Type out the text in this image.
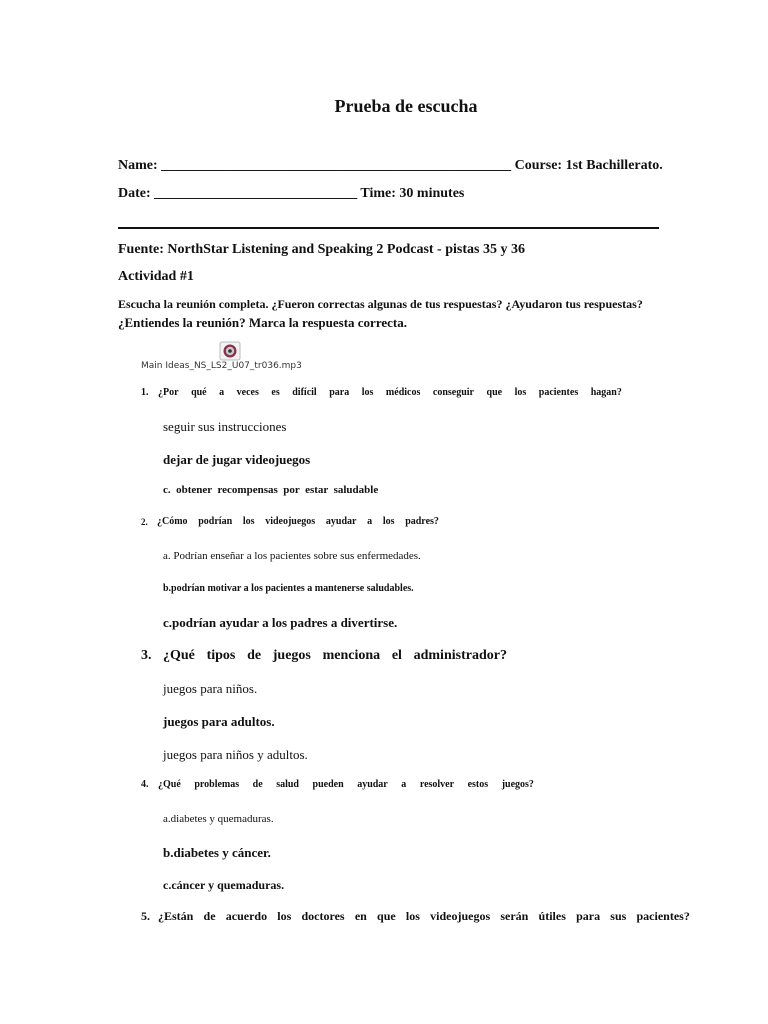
Prueba de escucha
Name: __________________________________________________ Course: 1st Bachillerato.
Date: _____________________________ Time: 30 minutes
Fuente: NorthStar Listening and Speaking 2 Podcast - pistas 35 y 36
Actividad #1
Escucha la reunión completa. ¿Fueron correctas algunas de tus respuestas? ¿Ayudaron tus respuestas?
¿Entiendes la reunión? Marca la respuesta correcta.
Main Ideas_NS_LS2_U07_tr036.mp3
1. ¿Por qué a veces es difícil para los médicos conseguir que los pacientes hagan?
seguir sus instrucciones
dejar de jugar videojuegos
c.  obtener  recompensas  por  estar  saludable
2. ¿Cómo podrían los videojuegos ayudar a los padres?
a. Podrían enseñar a los pacientes sobre sus enfermedades.
b.podrían motivar a los pacientes a mantenerse saludables.
c.podrían ayudar a los padres a divertirse.
3. ¿Qué tipos de juegos menciona el administrador?
juegos para niños.
juegos para adultos.
juegos para niños y adultos.
4. ¿Qué problemas de salud pueden ayudar a resolver estos juegos?
a.diabetes y quemaduras.
b.diabetes y cáncer.
c.cáncer y quemaduras.
5. ¿Están de acuerdo los doctores en que los videojuegos serán útiles para sus pacientes?
